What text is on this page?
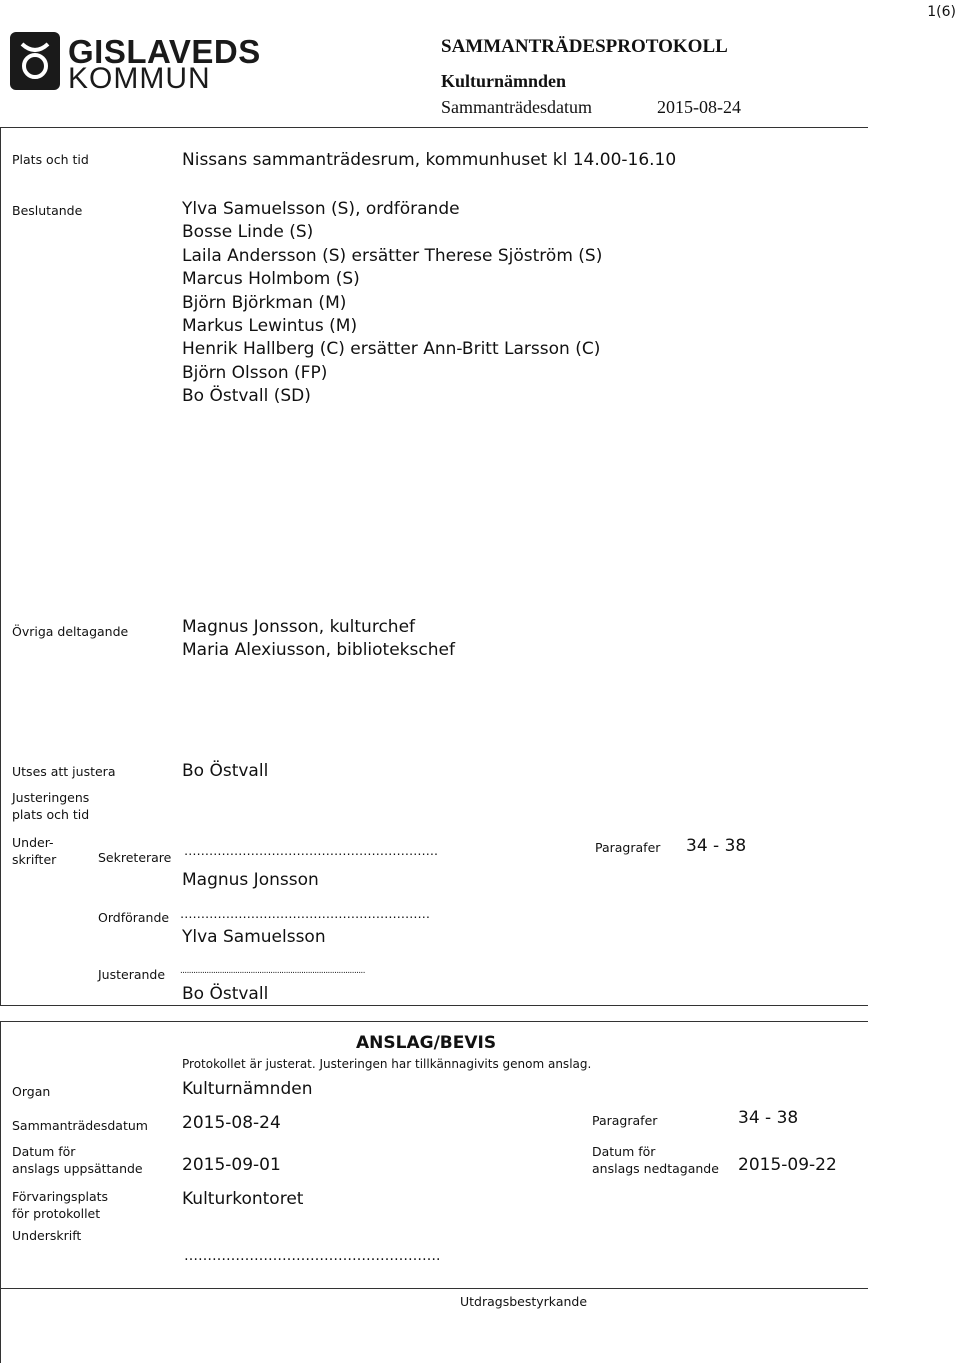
1(6)
GISLAVEDS
KOMMUN
SAMMANTRÄDESPROTOKOLL
Kulturnämnden
Sammanträdesdatum	2015-08-24
Plats och tid	Nissans sammanträdesrum, kommunhuset kl 14.00-16.10
Beslutande	Ylva Samuelsson (S), ordförande
Bosse Linde (S)
Laila Andersson (S) ersätter Therese Sjöström (S)
Marcus Holmbom (S)
Björn Björkman (M)
Markus Lewintus (M)
Henrik Hallberg (C) ersätter Ann-Britt Larsson (C)
Björn Olsson (FP)
Bo Östvall (SD)
Övriga deltagande	Magnus Jonsson, kulturchef
Maria Alexiusson, bibliotekschef
Utses att justera	Bo Östvall
Justeringens
plats och tid
Under-
skrifter	Sekreterare …………………………………………………….
Magnus Jonsson
Paragrafer 34 - 38
Ordförande ……………………………………………………
Ylva Samuelsson
Justerande ....................................................................................
Bo Östvall
ANSLAG/BEVIS
Protokollet är justerat. Justeringen har tillkännagivits genom anslag.
Organ	Kulturnämnden
Sammanträdesdatum 2015-08-24	Paragrafer	34 - 38
Datum för
anslags uppsättande 2015-09-01
Datum för
anslags nedtagande 2015-09-22
Förvaringsplats
för protokollet
Kulturkontoret
Underskrift
……………………………………………….
Utdragsbestyrkande
